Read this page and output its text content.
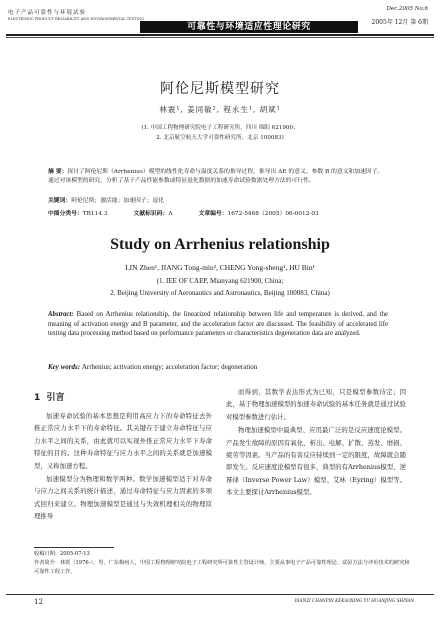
电子产品可靠性与环境试验
ELECTRONIC PRODUCT RELIABILITY AND ENVIRONMENTAL TESTING
可靠性与环境适应性理论研究
Dec.2005 No.6
2005年 12月 第 6期
阿伦尼斯模型研究
林震¹, 姜同敏², 程永生¹, 胡斌¹
(1. 中国工程物理研究院电子工程研究所，四川 绵阳 621900；
2. 北京航空航天大学可靠性研究所，北京 100083)
摘 要：探讨了阿伦尼斯（Arrhenius）模型的线性化寿命与温度关系的推导过程，推导出 ΔE 的意义、参数 B 的意义和加速因子。通过对该模型的研究，分析了基于产品性能参数或特征退化数据的加速寿命试验数据处理方法的可行性。
关键词：阿伦尼斯；激活能；加速因子；退化
中图分类号：TB114.3	文献标识码：A	文章编号：1672-5468（2005）06-0012-03
Study on Arrhenius relationship
LIN Zhen¹, JIANG Tong-min², CHENG Yong-sheng¹, HU Bin¹
(1. IEE OF CAEP, Mianyang 621900, China;
2. Beijing University of Aeronautics and Astronautics, Beijing 100083, China)
Abstract: Based on Arrhenius relationship, the linearized relationship between life and temperature is derived, and the meaning of activation energy and B parameter, and the acceleration factor are discussed. The feasibility of accelerated life testing data processing method based on performance parameters or characteristics degeneration data are analyzed.
Key words: Arrhenius; activation energy; acceleration factor; degeneration
1 引言

加速寿命试验的基本思想是利用高应力下的寿命特征去外推正常应力水平下的寿命特征。其关键在于建立寿命特征与应力水平之间的关系，由此就可以实现外推正常应力水平下寿命特征的目的。这种寿命特征与应力水平之间的关系就是加速模型，又称加速方程。

加速模型分为物理和数学两种。数学加速模型适于对寿命与应力之间关系的统计描述，通过寿命特征与应力因素的多项式回归来建立。物理加速模型是通过与失效机理相关的物理原理推导

而得到，其数学表达形式为已知，只是模型参数待定；因此，基于物理加速模型的加速寿命试验的基本任务就是通过试验对模型参数进行估计。

物理加速模型中最典型、应用最广泛的是反应速度论模型。产品发生故障的原因有氧化、析出、电解、扩散、蒸发、磨损、疲劳等因素。当产品的有害反应持续到一定的限度，故障就会随即发生。反应速度论模型有很多，典型的有Arrhenius模型、逆幂律（Inverse Power Law）模型、艾林（Eyring）模型等。本文主要探讨Arrhenius模型。

收稿日期：2005-07-13
作者简介：林震（1976-），男，广东梅州人，中国工程物理研究院电子工程研究所可靠性主管设计师，主要从事电子产品可靠性理论、试验方法与评价技术的研究和可靠性工程工作。
12	DIANZI CHANPIN KEKAOXING YU HUANJING SHIYAN
